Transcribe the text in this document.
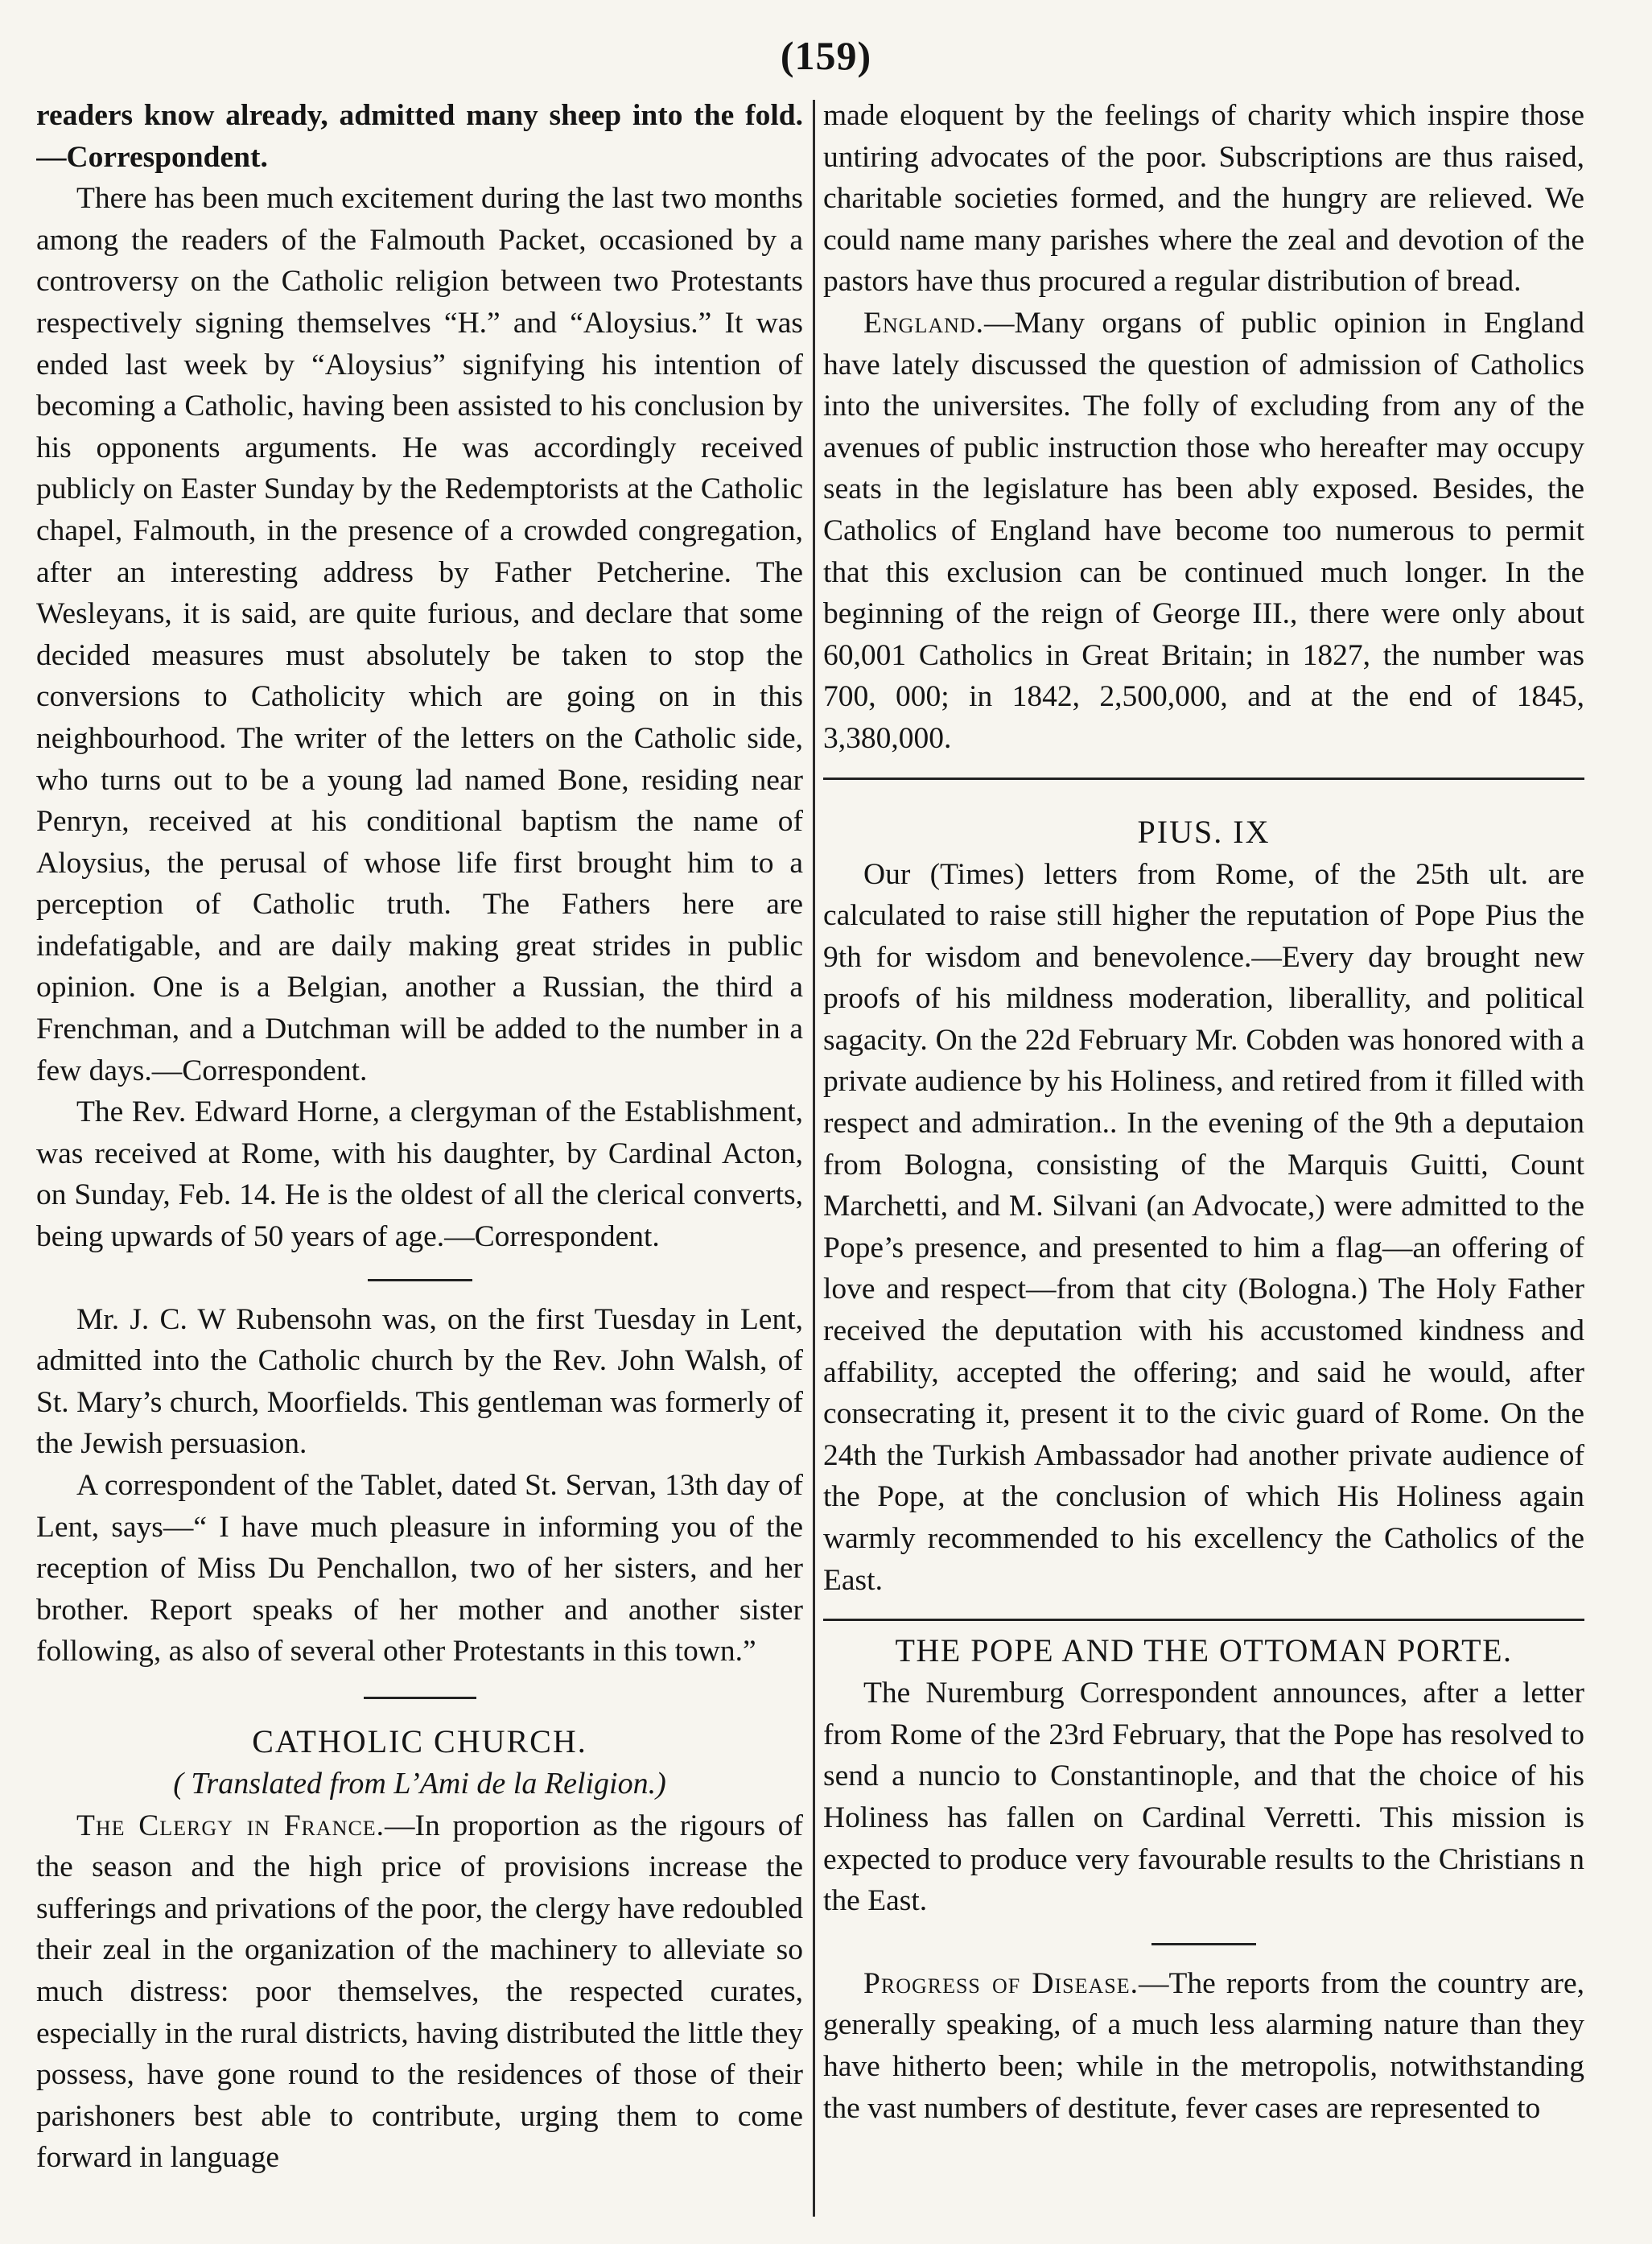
(159)

readers know already, admitted many sheep into the fold.—Correspondent.

There has been much excitement during the last two months among the readers of the Falmouth Packet, occasioned by a controversy on the Catholic religion between two Protestants respectively signing themselves “H.” and “Aloysius.” It was ended last week by “Aloysius” signifying his intention of becoming a Catholic, having been assisted to his conclusion by his opponents arguments. He was accordingly received publicly on Easter Sunday by the Redemptorists at the Catholic chapel, Falmouth, in the presence of a crowded congregation, after an interesting address by Father Petcherine. The Wesleyans, it is said, are quite furious, and declare that some decided measures must absolutely be taken to stop the conversions to Catholicity which are going on in this neighbourhood. The writer of the letters on the Catholic side, who turns out to be a young lad named Bone, residing near Penryn, received at his conditional baptism the name of Aloysius, the perusal of whose life first brought him to a perception of Catholic truth. The Fathers here are indefatigable, and are daily making great strides in public opinion. One is a Belgian, another a Russian, the third a Frenchman, and a Dutchman will be added to the number in a few days.—Correspondent.

The Rev. Edward Horne, a clergyman of the Establishment, was received at Rome, with his daughter, by Cardinal Acton, on Sunday, Feb. 14. He is the oldest of all the clerical converts, being upwards of 50 years of age.—Correspondent.

Mr. J. C. W Rubensohn was, on the first Tuesday in Lent, admitted into the Catholic church by the Rev. John Walsh, of St. Mary’s church, Moorfields. This gentleman was formerly of the Jewish persuasion.

A correspondent of the Tablet, dated St. Servan, 13th day of Lent, says—“ I have much pleasure in informing you of the reception of Miss Du Penchallon, two of her sisters, and her brother. Report speaks of her mother and another sister following, as also of several other Protestants in this town.”

CATHOLIC CHURCH.
( Translated from L’Ami de la Religion.)

The Clergy in France.—In proportion as the rigours of the season and the high price of provisions increase the sufferings and privations of the poor, the clergy have redoubled their zeal in the organization of the machinery to alleviate so much distress: poor themselves, the respected curates, especially in the rural districts, having distributed the little they possess, have gone round to the residences of those of their parishoners best able to contribute, urging them to come forward in language

made eloquent by the feelings of charity which inspire those untiring advocates of the poor. Subscriptions are thus raised, charitable societies formed, and the hungry are relieved. We could name many parishes where the zeal and devotion of the pastors have thus procured a regular distribution of bread.

England.—Many organs of public opinion in England have lately discussed the question of admission of Catholics into the universites. The folly of excluding from any of the avenues of public instruction those who hereafter may occupy seats in the legislature has been ably exposed. Besides, the Catholics of England have become too numerous to permit that this exclusion can be continued much longer. In the beginning of the reign of George III., there were only about 60,001 Catholics in Great Britain; in 1827, the number was 700, 000; in 1842, 2,500,000, and at the end of 1845, 3,380,000.

PIUS. IX

Our (Times) letters from Rome, of the 25th ult. are calculated to raise still higher the reputation of Pope Pius the 9th for wisdom and benevolence.—Every day brought new proofs of his mildness moderation, liberallity, and political sagacity. On the 22d February Mr. Cobden was honored with a private audience by his Holiness, and retired from it filled with respect and admiration.. In the evening of the 9th a deputaion from Bologna, consisting of the Marquis Guitti, Count Marchetti, and M. Silvani (an Advocate,) were admitted to the Pope’s presence, and presented to him a flag—an offering of love and respect—from that city (Bologna.) The Holy Father received the deputation with his accustomed kindness and affability, accepted the offering; and said he would, after consecrating it, present it to the civic guard of Rome. On the 24th the Turkish Ambassador had another private audience of the Pope, at the conclusion of which His Holiness again warmly recommended to his excellency the Catholics of the East.

THE POPE AND THE OTTOMAN PORTE.

The Nuremburg Correspondent announces, after a letter from Rome of the 23rd February, that the Pope has resolved to send a nuncio to Constantinople, and that the choice of his Holiness has fallen on Cardinal Verretti. This mission is expected to produce very favourable results to the Christians n the East.

Progress of Disease.—The reports from the country are, generally speaking, of a much less alarming nature than they have hitherto been; while in the metropolis, notwithstanding the vast numbers of destitute, fever cases are represented to
